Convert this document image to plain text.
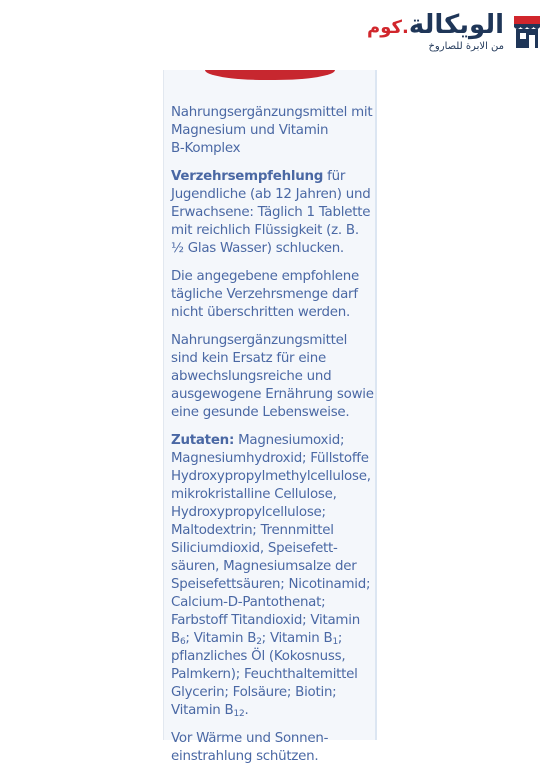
الويكالة.كوم
من الابرة للصاروخ

Nahrungsergänzungsmittel mit
Magnesium und Vitamin
B-Komplex

Verzehrsempfehlung für
Jugendliche (ab 12 Jahren) und
Erwachsene: Täglich 1 Tablette
mit reichlich Flüssigkeit (z. B.
½ Glas Wasser) schlucken.

Die angegebene empfohlene
tägliche Verzehrsmenge darf
nicht überschritten werden.

Nahrungsergänzungsmittel
sind kein Ersatz für eine
abwechslungsreiche und
ausgewogene Ernährung sowie
eine gesunde Lebensweise.

Zutaten: Magnesiumoxid;
Magnesiumhydroxid; Füllstoffe
Hydroxypropylmethylcellulose,
mikrokristalline Cellulose,
Hydroxypropylcellulose;
Maltodextrin; Trennmittel
Siliciumdioxid, Speisefett-
säuren, Magnesiumsalze der
Speisefettsäuren; Nicotinamid;
Calcium-D-Pantothenat;
Farbstoff Titandioxid; Vitamin
$B_6$; Vitamin $B_2$; Vitamin $B_1$;
pflanzliches Öl (Kokosnuss,
Palmkern); Feuchthaltemittel
Glycerin; Folsäure; Biotin;
Vitamin $B_{12}$.

Vor Wärme und Sonnen-
einstrahlung schützen.
